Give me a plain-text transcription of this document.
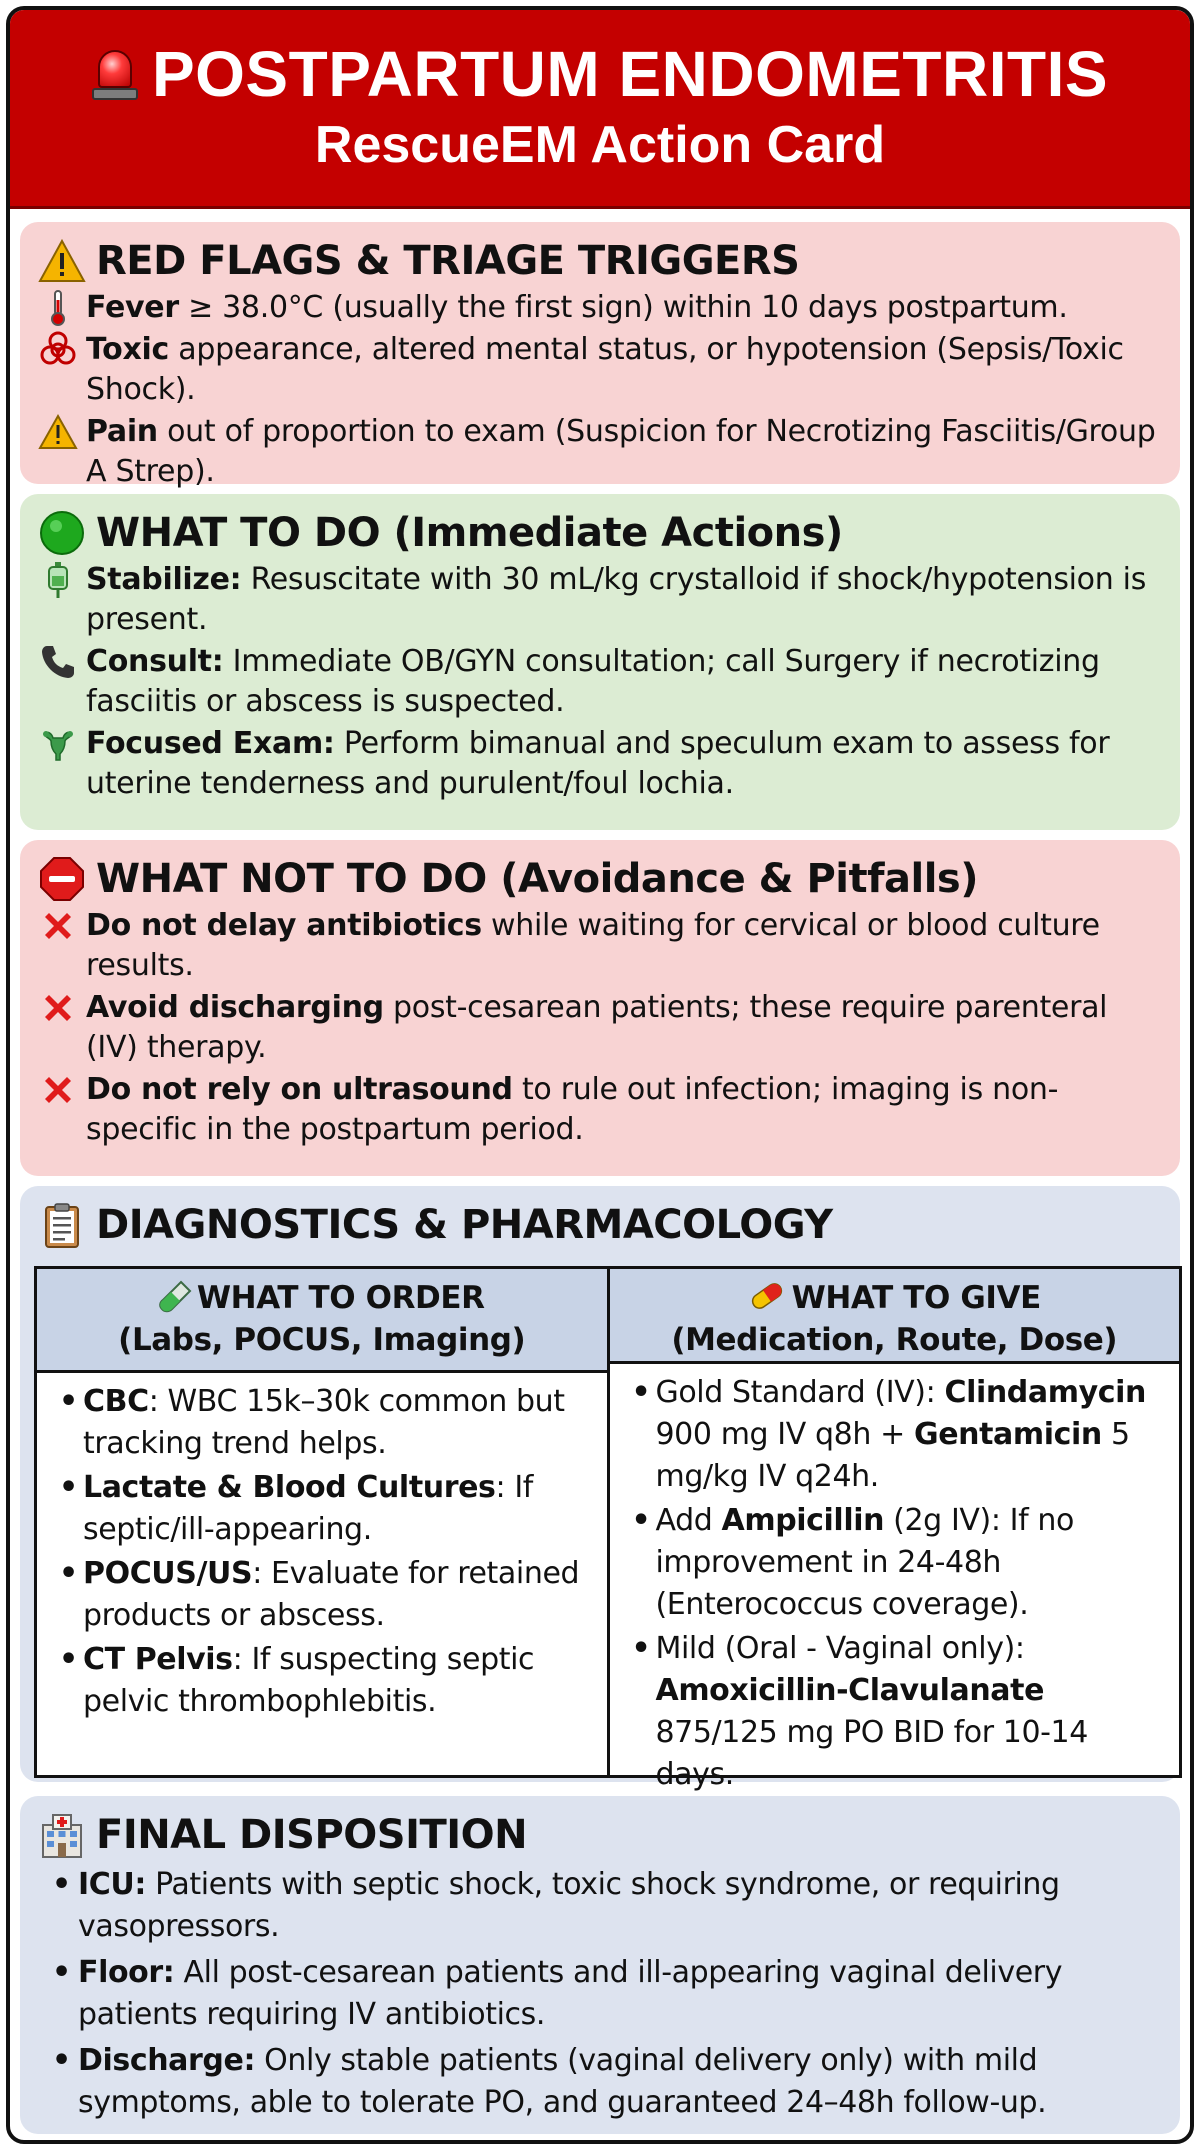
POSTPARTUM ENDOMETRITIS
RescueEM Action Card
RED FLAGS & TRIAGE TRIGGERS
Fever ≥ 38.0°C (usually the first sign) within 10 days postpartum.
Toxic appearance, altered mental status, or hypotension (Sepsis/Toxic Shock).
Pain out of proportion to exam (Suspicion for Necrotizing Fasciitis/Group A Strep).
WHAT TO DO (Immediate Actions)
Stabilize: Resuscitate with 30 mL/kg crystalloid if shock/hypotension is present.
Consult: Immediate OB/GYN consultation; call Surgery if necrotizing fasciitis or abscess is suspected.
Focused Exam: Perform bimanual and speculum exam to assess for uterine tenderness and purulent/foul lochia.
WHAT NOT TO DO (Avoidance & Pitfalls)
Do not delay antibiotics while waiting for cervical or blood culture results.
Avoid discharging post-cesarean patients; these require parenteral (IV) therapy.
Do not rely on ultrasound to rule out infection; imaging is non-specific in the postpartum period.
DIAGNOSTICS & PHARMACOLOGY
WHAT TO ORDER
(Labs, POCUS, Imaging)
• CBC: WBC 15k–30k common but tracking trend helps.
• Lactate & Blood Cultures: If septic/ill-appearing.
• POCUS/US: Evaluate for retained products or abscess.
• CT Pelvis: If suspecting septic pelvic thrombophlebitis.
WHAT TO GIVE
(Medication, Route, Dose)
• Gold Standard (IV): Clindamycin 900 mg IV q8h + Gentamicin 5 mg/kg IV q24h.
• Add Ampicillin (2g IV): If no improvement in 24-48h (Enterococcus coverage).
• Mild (Oral - Vaginal only): Amoxicillin-Clavulanate 875/125 mg PO BID for 10-14 days.
FINAL DISPOSITION
• ICU: Patients with septic shock, toxic shock syndrome, or requiring vasopressors.
• Floor: All post-cesarean patients and ill-appearing vaginal delivery patients requiring IV antibiotics.
• Discharge: Only stable patients (vaginal delivery only) with mild symptoms, able to tolerate PO, and guaranteed 24–48h follow-up.
